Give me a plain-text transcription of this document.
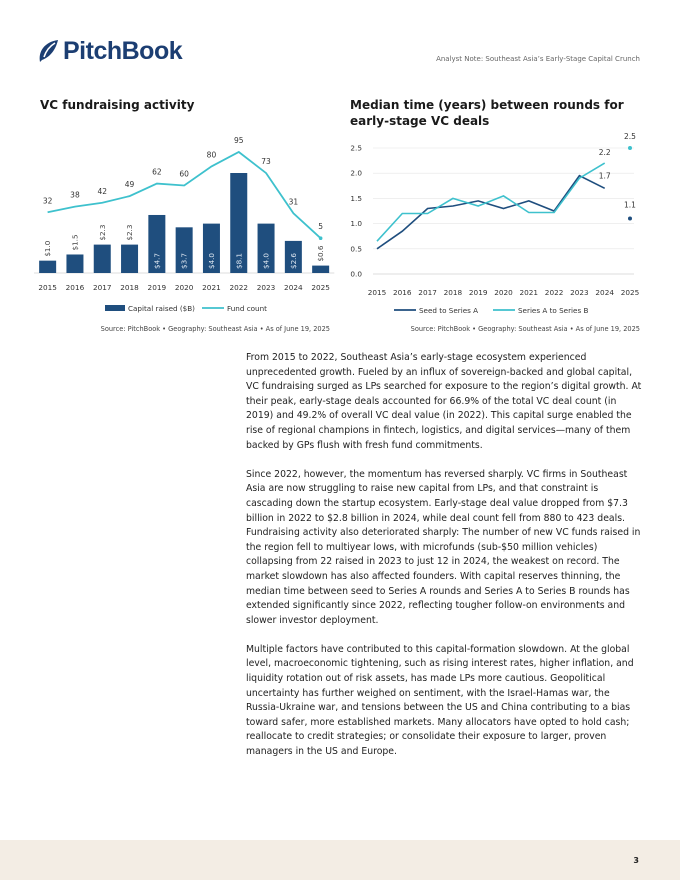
PitchBook	Analyst Note: Southeast Asia’s Early-Stage Capital Crunch
VC fundraising activity
$1.0
2015
$1.5
2016
$2.3
2017
$2.3
2018
$4.7
2019
$3.7
2020
$4.0
2021
$8.1
2022
$4.0
2023
$2.6
2024
$0.6
2025
32
38 42
49
62 60
80
95
73
31
5
Capital raised ($B)	Fund count
Source: PitchBook • Geography: Southeast Asia • As of June 19, 2025
Median time (years) between rounds for early-stage VC deals
0.0
0.5
1.0
1.5
2.0
2.5
2015 2016 2017 2018 2019 2020 2021 2022 2023 2024 2025
2.2
1.7
2.5
1.1
Seed to Series A	Series A to Series B
Source: PitchBook • Geography: Southeast Asia • As of June 19, 2025

From 2015 to 2022, Southeast Asia’s early-stage ecosystem experienced unprecedented growth. Fueled by an influx of sovereign-backed and global capital, VC fundraising surged as LPs searched for exposure to the region’s digital growth. At their peak, early-stage deals accounted for 66.9% of the total VC deal count (in 2019) and 49.2% of overall VC deal value (in 2022). This capital surge enabled the rise of regional champions in fintech, logistics, and digital services—many of them backed by GPs flush with fresh fund commitments.

Since 2022, however, the momentum has reversed sharply. VC firms in Southeast Asia are now struggling to raise new capital from LPs, and that constraint is cascading down the startup ecosystem. Early-stage deal value dropped from $7.3 billion in 2022 to $2.8 billion in 2024, while deal count fell from 880 to 423 deals. Fundraising activity also deteriorated sharply: The number of new VC funds raised in the region fell to multiyear lows, with microfunds (sub-$50 million vehicles) collapsing from 22 raised in 2023 to just 12 in 2024, the weakest on record. The market slowdown has also affected founders. With capital reserves thinning, the median time between seed to Series A rounds and Series A to Series B rounds has extended significantly since 2022, reflecting tougher follow-on environments and slower investor deployment.

Multiple factors have contributed to this capital-formation slowdown. At the global level, macroeconomic tightening, such as rising interest rates, higher inflation, and liquidity rotation out of risk assets, has made LPs more cautious. Geopolitical uncertainty has further weighed on sentiment, with the Israel-Hamas war, the Russia-Ukraine war, and tensions between the US and China contributing to a bias toward safer, more established markets. Many allocators have opted to hold cash; reallocate to credit strategies; or consolidate their exposure to larger, proven managers in the US and Europe.

3
